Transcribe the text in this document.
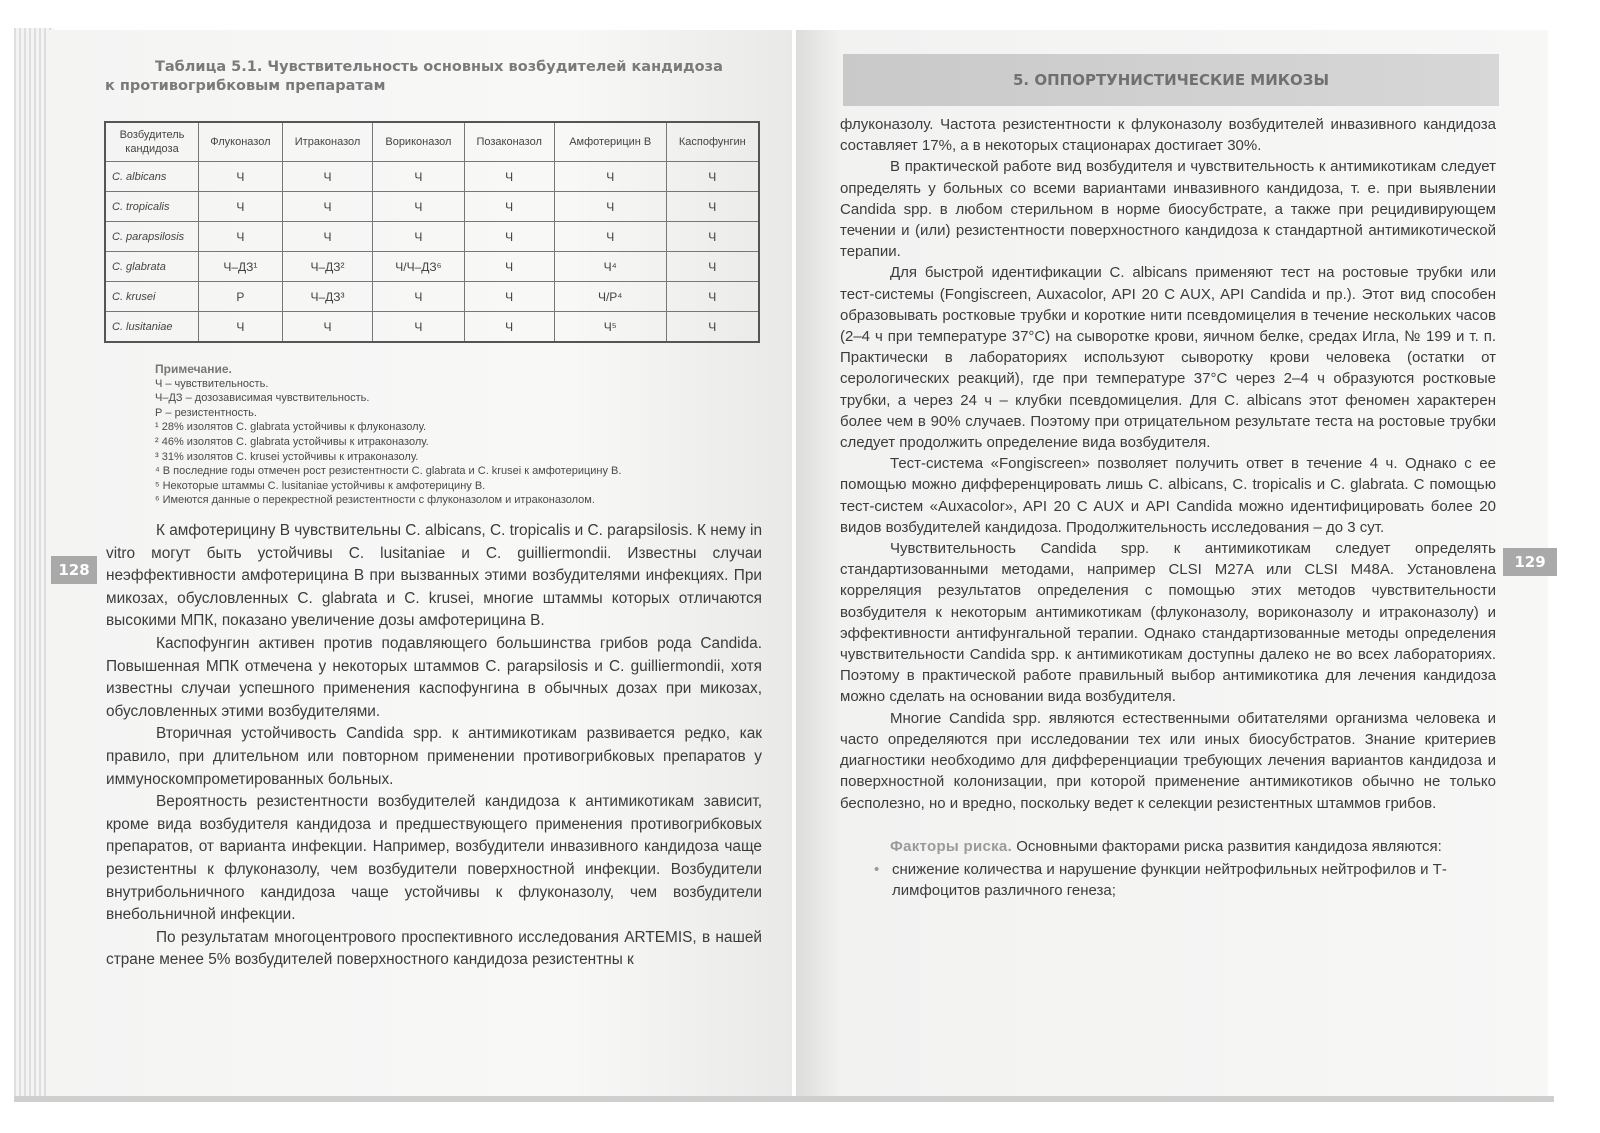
Таблица 5.1. Чувствительность основных возбудителей кандидоза
к противогрибковым препаратам
Возбудитель кандидоза	Флуконазол	Итраконазол	Вориконазол	Позаконазол	Амфотерицин В	Каспофунгин
C. albicans	Ч	Ч	Ч	Ч	Ч	Ч
C. tropicalis	Ч	Ч	Ч	Ч	Ч	Ч
C. parapsilosis	Ч	Ч	Ч	Ч	Ч	Ч
C. glabrata	Ч–ДЗ¹	Ч–ДЗ²	Ч/Ч–ДЗ⁶	Ч	Ч⁴	Ч
C. krusei	Р	Ч–ДЗ³	Ч	Ч	Ч/Р⁴	Ч
C. lusitaniae	Ч	Ч	Ч	Ч	Ч⁵	Ч
Примечание.
Ч – чувствительность.
Ч–ДЗ – дозозависимая чувствительность.
Р – резистентность.
¹ 28% изолятов C. glabrata устойчивы к флуконазолу.
² 46% изолятов C. glabrata устойчивы к итраконазолу.
³ 31% изолятов C. krusei устойчивы к итраконазолу.
⁴ В последние годы отмечен рост резистентности C. glabrata и C. krusei к амфотерицину В.
⁵ Некоторые штаммы C. lusitaniae устойчивы к амфотерицину В.
⁶ Имеются данные о перекрестной резистентности с флуконазолом и итраконазолом.

К амфотерицину В чувствительны C. albicans, C. tropicalis и C. parapsilosis. К нему in vitro могут быть устойчивы C. lusitaniae и C. guilliermondii. Известны случаи неэффективности амфотерицина В при вызванных этими возбудителями инфекциях. При микозах, обусловленных C. glabrata и C. krusei, многие штаммы которых отличаются высокими МПК, показано увеличение дозы амфотерицина В.

Каспофунгин активен против подавляющего большинства грибов рода Candida. Повышенная МПК отмечена у некоторых штаммов C. parapsilosis и C. guilliermondii, хотя известны случаи успешного применения каспофунгина в обычных дозах при микозах, обусловленных этими возбудителями.

Вторичная устойчивость Candida spp. к антимикотикам развивается редко, как правило, при длительном или повторном применении противогрибковых препаратов у иммуноскомпрометированных больных.

Вероятность резистентности возбудителей кандидоза к антимикотикам зависит, кроме вида возбудителя кандидоза и предшествующего применения противогрибковых препаратов, от варианта инфекции. Например, возбудители инвазивного кандидоза чаще резистентны к флуконазолу, чем возбудители поверхностной инфекции. Возбудители внутрибольничного кандидоза чаще устойчивы к флуконазолу, чем возбудители внебольничной инфекции.

По результатам многоцентрового проспективного исследования ARTEMIS, в нашей стране менее 5% возбудителей поверхностного кандидоза резистентны к

128
5. ОППОРТУНИСТИЧЕСКИЕ МИКОЗЫ

флуконазолу. Частота резистентности к флуконазолу возбудителей инвазивного кандидоза составляет 17%, а в некоторых стационарах достигает 30%.

В практической работе вид возбудителя и чувствительность к антимикотикам следует определять у больных со всеми вариантами инвазивного кандидоза, т. е. при выявлении Candida spp. в любом стерильном в норме биосубстрате, а также при рецидивирующем течении и (или) резистентности поверхностного кандидоза к стандартной антимикотической терапии.

Для быстрой идентификации C. albicans применяют тест на ростовые трубки или тест-системы (Fongiscreen, Auxacolor, API 20 C AUX, API Candida и пр.). Этот вид способен образовывать ростковые трубки и короткие нити псевдомицелия в течение нескольких часов (2–4 ч при температуре 37°С) на сыворотке крови, яичном белке, средах Игла, № 199 и т. п. Практически в лабораториях используют сыворотку крови человека (остатки от серологических реакций), где при температуре 37°С через 2–4 ч образуются ростковые трубки, а через 24 ч – клубки псевдомицелия. Для C. albicans этот феномен характерен более чем в 90% случаев. Поэтому при отрицательном результате теста на ростовые трубки следует продолжить определение вида возбудителя.

Тест-система «Fongiscreen» позволяет получить ответ в течение 4 ч. Однако с ее помощью можно дифференцировать лишь C. albicans, C. tropicalis и C. glabrata. С помощью тест-систем «Auxacolor», API 20 C AUX и API Candida можно идентифицировать более 20 видов возбудителей кандидоза. Продолжительность исследования – до 3 сут.

Чувствительность Candida spp. к антимикотикам следует определять стандартизованными методами, например CLSI M27A или CLSI M48A. Установлена корреляция результатов определения с помощью этих методов чувствительности возбудителя к некоторым антимикотикам (флуконазолу, вориконазолу и итраконазолу) и эффективности антифунгальной терапии. Однако стандартизованные методы определения чувствительности Candida spp. к антимикотикам доступны далеко не во всех лабораториях. Поэтому в практической работе правильный выбор антимикотика для лечения кандидоза можно сделать на основании вида возбудителя.

Многие Candida spp. являются естественными обитателями организма человека и часто определяются при исследовании тех или иных биосубстратов. Знание критериев диагностики необходимо для дифференциации требующих лечения вариантов кандидоза и поверхностной колонизации, при которой применение антимикотиков обычно не только бесполезно, но и вредно, поскольку ведет к селекции резистентных штаммов грибов.

Факторы риска. Основными факторами риска развития кандидоза являются:

• снижение количества и нарушение функции нейтрофильных нейтрофилов и Т-лимфоцитов различного генеза;
129
